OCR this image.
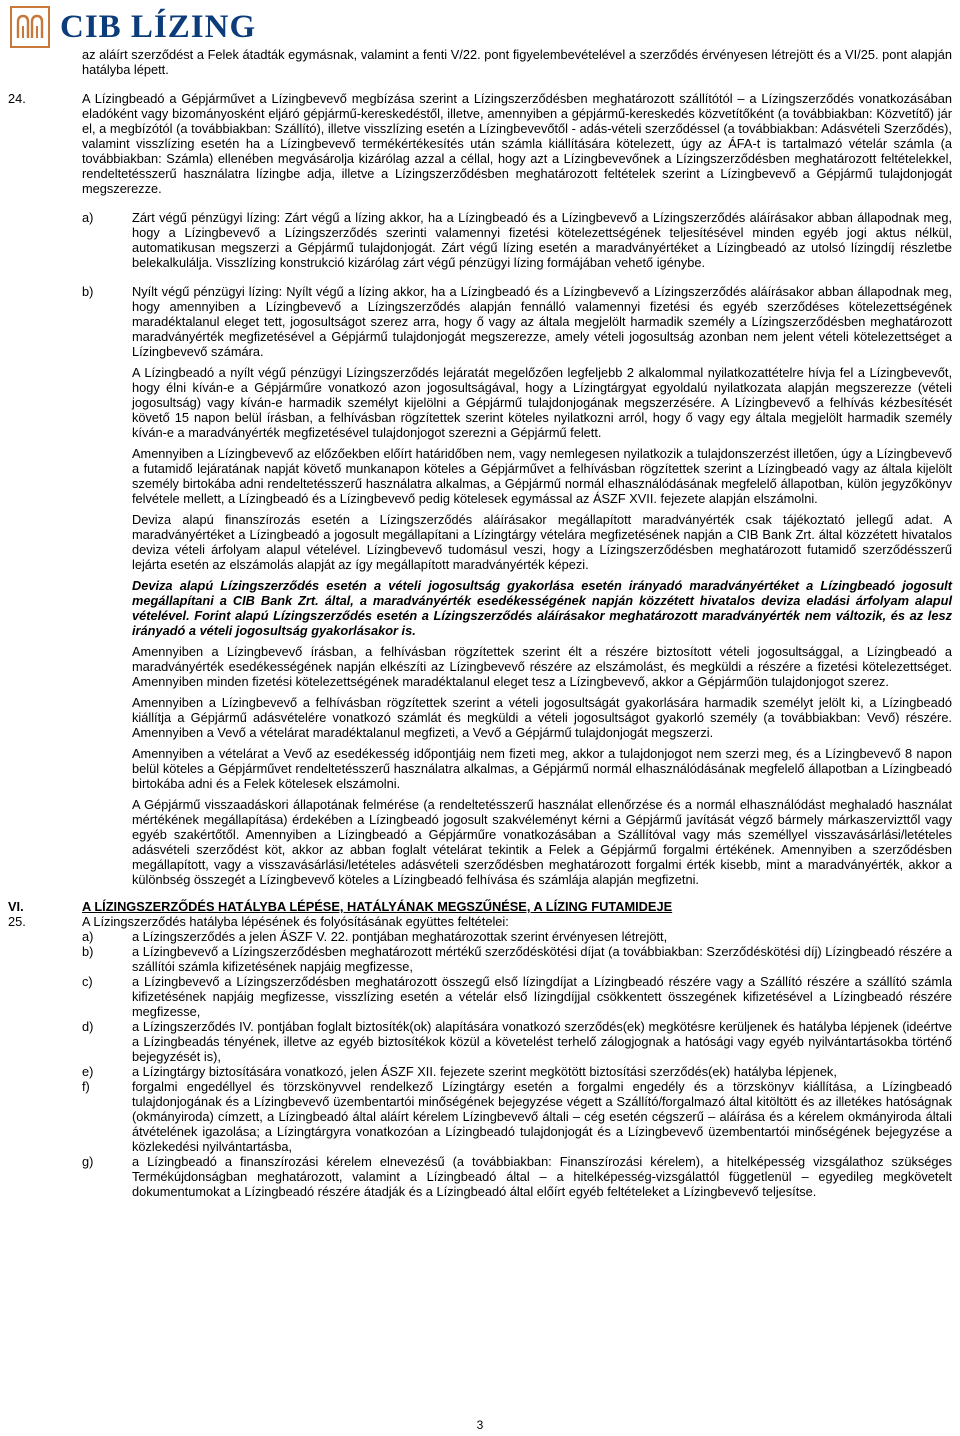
CIB LÍZING

az aláírt szerződést a Felek átadták egymásnak, valamint a fenti V/22. pont figyelembevételével a szerződés érvényesen létrejött és a VI/25. pont alapján hatályba lépett.

24.	A Lízingbeadó a Gépjárművet a Lízingbevevő megbízása szerint a Lízingszerződésben meghatározott szállítótól – a Lízingszerződés vonatkozásában eladóként vagy bizományosként eljáró gépjármű-kereskedéstől, illetve, amennyiben a gépjármű-kereskedés közvetítőként (a továbbiakban: Közvetítő) jár el, a megbízótól (a továbbiakban: Szállító), illetve visszlízing esetén a Lízingbevevőtől - adás-vételi szerződéssel (a továbbiakban: Adásvételi Szerződés), valamint visszlízing esetén ha a Lízingbevevő termékértékesítés után számla kiállítására kötelezett, úgy az ÁFA-t is tartalmazó vételár számla (a továbbiakban: Számla) ellenében megvásárolja kizárólag azzal a céllal, hogy azt a Lízingbevevőnek a Lízingszerződésben meghatározott feltételekkel, rendeltetésszerű használatra lízingbe adja, illetve a Lízingszerződésben meghatározott feltételek szerint a Lízingbevevő a Gépjármű tulajdonjogát megszerezze.
a)	Zárt végű pénzügyi lízing: Zárt végű a lízing akkor, ha a Lízingbeadó és a Lízingbevevő a Lízingszerződés aláírásakor abban állapodnak meg, hogy a Lízingbevevő a Lízingszerződés szerinti valamennyi fizetési kötelezettségének teljesítésével minden egyéb jogi aktus nélkül, automatikusan megszerzi a Gépjármű tulajdonjogát. Zárt végű lízing esetén a maradványértéket a Lízingbeadó az utolsó lízingdíj részletbe belekalkulálja. Visszlízing konstrukció kizárólag zárt végű pénzügyi lízing formájában vehető igénybe.
b)	Nyílt végű pénzügyi lízing: Nyílt végű a lízing akkor, ha a Lízingbeadó és a Lízingbevevő a Lízingszerződés aláírásakor abban állapodnak meg, hogy amennyiben a Lízingbevevő a Lízingszerződés alapján fennálló valamennyi fizetési és egyéb szerződéses kötelezettségének maradéktalanul eleget tett, jogosultságot szerez arra, hogy ő vagy az általa megjelölt harmadik személy a Lízingszerződésben meghatározott maradványérték megfizetésével a Gépjármű tulajdonjogát megszerezze, amely vételi jogosultság azonban nem jelent vételi kötelezettséget a Lízingbevevő számára.

A Lízingbeadó a nyílt végű pénzügyi Lízingszerződés lejáratát megelőzően legfeljebb 2 alkalommal nyilatkozattételre hívja fel a Lízingbevevőt, hogy élni kíván-e a Gépjárműre vonatkozó azon jogosultságával, hogy a Lízingtárgyat egyoldalú nyilatkozata alapján megszerezze (vételi jogosultság) vagy kíván-e harmadik személyt kijelölni a Gépjármű tulajdonjogának megszerzésére. A Lízingbevevő a felhívás kézbesítését követő 15 napon belül írásban, a felhívásban rögzítettek szerint köteles nyilatkozni arról, hogy ő vagy egy általa megjelölt harmadik személy kíván-e a maradványérték megfizetésével tulajdonjogot szerezni a Gépjármű felett.

Amennyiben a Lízingbevevő az előzőekben előírt határidőben nem, vagy nemlegesen nyilatkozik a tulajdonszerzést illetően, úgy a Lízingbevevő a futamidő lejáratának napját követő munkanapon köteles a Gépjárművet a felhívásban rögzítettek szerint a Lízingbeadó vagy az általa kijelölt személy birtokába adni rendeltetésszerű használatra alkalmas, a Gépjármű normál elhasználódásának megfelelő állapotban, külön jegyzőkönyv felvétele mellett, a Lízingbeadó és a Lízingbevevő pedig kötelesek egymással az ÁSZF XVII. fejezete alapján elszámolni.

Deviza alapú finanszírozás esetén a Lízingszerződés aláírásakor megállapított maradványérték csak tájékoztató jellegű adat. A maradványértéket a Lízingbeadó a jogosult megállapítani a Lízingtárgy vételára megfizetésének napján a CIB Bank Zrt. által közzétett hivatalos deviza vételi árfolyam alapul vételével. Lízingbevevő tudomásul veszi, hogy a Lízingszerződésben meghatározott futamidő szerződésszerű lejárta esetén az elszámolás alapját az így megállapított maradványérték képezi.

Deviza alapú Lízingszerződés esetén a vételi jogosultság gyakorlása esetén irányadó maradványértéket a Lízingbeadó jogosult megállapítani a CIB Bank Zrt. által, a maradványérték esedékességének napján közzétett hivatalos deviza eladási árfolyam alapul vételével. Forint alapú Lízingszerződés esetén a Lízingszerződés aláírásakor meghatározott maradványérték nem változik, és az lesz irányadó a vételi jogosultság gyakorlásakor is.

Amennyiben a Lízingbevevő írásban, a felhívásban rögzítettek szerint élt a részére biztosított vételi jogosultsággal, a Lízingbeadó a maradványérték esedékességének napján elkészíti az Lízingbevevő részére az elszámolást, és megküldi a részére a fizetési kötelezettséget. Amennyiben minden fizetési kötelezettségének maradéktalanul eleget tesz a Lízingbevevő, akkor a Gépjárműön tulajdonjogot szerez.

Amennyiben a Lízingbevevő a felhívásban rögzítettek szerint a vételi jogosultságát gyakorlására harmadik személyt jelölt ki, a Lízingbeadó kiállítja a Gépjármű adásvételére vonatkozó számlát és megküldi a vételi jogosultságot gyakorló személy (a továbbiakban: Vevő) részére. Amennyiben a Vevő a vételárat maradéktalanul megfizeti, a Vevő a Gépjármű tulajdonjogát megszerzi.

Amennyiben a vételárat a Vevő az esedékesség időpontjáig nem fizeti meg, akkor a tulajdonjogot nem szerzi meg, és a Lízingbevevő 8 napon belül köteles a Gépjárművet rendeltetésszerű használatra alkalmas, a Gépjármű normál elhasználódásának megfelelő állapotban a Lízingbeadó birtokába adni és a Felek kötelesek elszámolni.

A Gépjármű visszaadáskori állapotának felmérése (a rendeltetésszerű használat ellenőrzése és a normál elhasználódást meghaladó használat mértékének megállapítása) érdekében a Lízingbeadó jogosult szakvéleményt kérni a Gépjármű javítását végző bármely márkaszervizttől vagy egyéb szakértőtől. Amennyiben a Lízingbeadó a Gépjárműre vonatkozásában a Szállítóval vagy más személlyel visszavásárlási/letételes adásvételi szerződést köt, akkor az abban foglalt vételárat tekintik a Felek a Gépjármű forgalmi értékének. Amennyiben a szerződésben megállapított, vagy a visszavásárlási/letételes adásvételi szerződésben meghatározott forgalmi érték kisebb, mint a maradványérték, akkor a különbség összegét a Lízingbevevő köteles a Lízingbeadó felhívása és számlája alapján megfizetni.

VI.	A LÍZINGSZERZŐDÉS HATÁLYBA LÉPÉSE, HATÁLYÁNAK MEGSZŰNÉSE, A LÍZING FUTAMIDEJE
25.	A Lízingszerződés hatályba lépésének és folyósításának együttes feltételei:
a)	a Lízingszerződés a jelen ÁSZF V. 22. pontjában meghatározottak szerint érvényesen létrejött,
b)	a Lízingbevevő a Lízingszerződésben meghatározott mértékű szerződéskötési díjat (a továbbiakban: Szerződéskötési díj) Lízingbeadó részére a szállítói számla kifizetésének napjáig megfizesse,
c)	a Lízingbevevő a Lízingszerződésben meghatározott összegű első lízingdíjat a Lízingbeadó részére vagy a Szállító részére a szállító számla kifizetésének napjáig megfizesse, visszlízing esetén a vételár első lízingdíjjal csökkentett összegének kifizetésével a Lízingbeadó részére megfizesse,
d)	a Lízingszerződés IV. pontjában foglalt biztosíték(ok) alapítására vonatkozó szerződés(ek) megkötésre kerüljenek és hatályba lépjenek (ideértve a Lízingbeadás tényének, illetve az egyéb biztosítékok közül a követelést terhelő zálogjognak a hatósági vagy egyéb nyilvántartásokba történő bejegyzését is),
e)	a Lízingtárgy biztosítására vonatkozó, jelen ÁSZF XII. fejezete szerint megkötött biztosítási szerződés(ek) hatályba lépjenek,
f)	forgalmi engedéllyel és törzskönyvvel rendelkező Lízingtárgy esetén a forgalmi engedély és a törzskönyv kiállítása, a Lízingbeadó tulajdonjogának és a Lízingbevevő üzembentartói minőségének bejegyzése végett a Szállító/forgalmazó által kitöltött és az illetékes hatóságnak (okmányiroda) címzett, a Lízingbeadó által aláírt kérelem Lízingbevevő általi – cég esetén cégszerű – aláírása és a kérelem okmányiroda általi átvételének igazolása; a Lízingtárgyra vonatkozóan a Lízingbeadó tulajdonjogát és a Lízingbevevő üzembentartói minőségének bejegyzése a közlekedési nyilvántartásba,
g)	a Lízingbeadó a finanszírozási kérelem elnevezésű (a továbbiakban: Finanszírozási kérelem), a hitelképesség vizsgálathoz szükséges Termékújdonságban meghatározott, valamint a Lízingbeadó által – a hitelképesség-vizsgálattól függetlenül – egyedileg megkövetelt dokumentumokat a Lízingbeadó részére átadják és a Lízingbeadó által előírt egyéb feltételeket a Lízingbevevő teljesítse.
3
